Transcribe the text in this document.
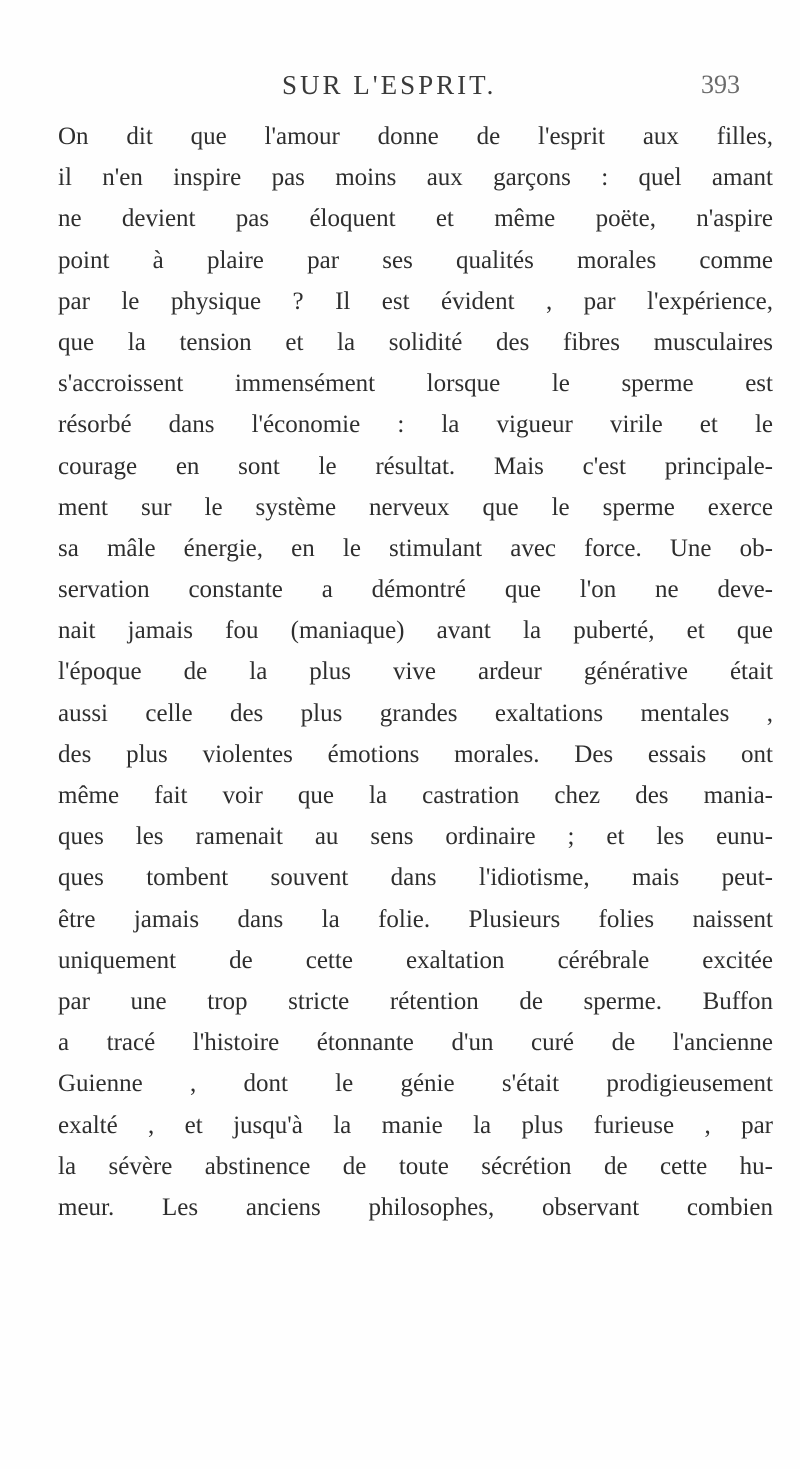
SUR L'ESPRIT.	393
On dit que l'amour donne de l'esprit aux filles,
il n'en inspire pas moins aux garçons : quel amant
ne devient pas éloquent et même poëte, n'aspire
point à plaire par ses qualités morales comme
par le physique ? Il est évident , par l'expérience,
que la tension et la solidité des fibres musculaires
s'accroissent immensément lorsque le sperme est
résorbé dans l'économie : la vigueur virile et le
courage en sont le résultat. Mais c'est principale-
ment sur le système nerveux que le sperme exerce
sa mâle énergie, en le stimulant avec force. Une ob-
servation constante a démontré que l'on ne deve-
nait jamais fou (maniaque) avant la puberté, et que
l'époque de la plus vive ardeur générative était
aussi celle des plus grandes exaltations mentales ,
des plus violentes émotions morales. Des essais ont
même fait voir que la castration chez des mania-
ques les ramenait au sens ordinaire ; et les eunu-
ques tombent souvent dans l'idiotisme, mais peut-
être jamais dans la folie. Plusieurs folies naissent
uniquement de cette exaltation cérébrale excitée
par une trop stricte rétention de sperme. Buffon
a tracé l'histoire étonnante d'un curé de l'ancienne
Guienne , dont le génie s'était prodigieusement
exalté , et jusqu'à la manie la plus furieuse , par
la sévère abstinence de toute sécrétion de cette hu-
meur. Les anciens philosophes, observant combien
